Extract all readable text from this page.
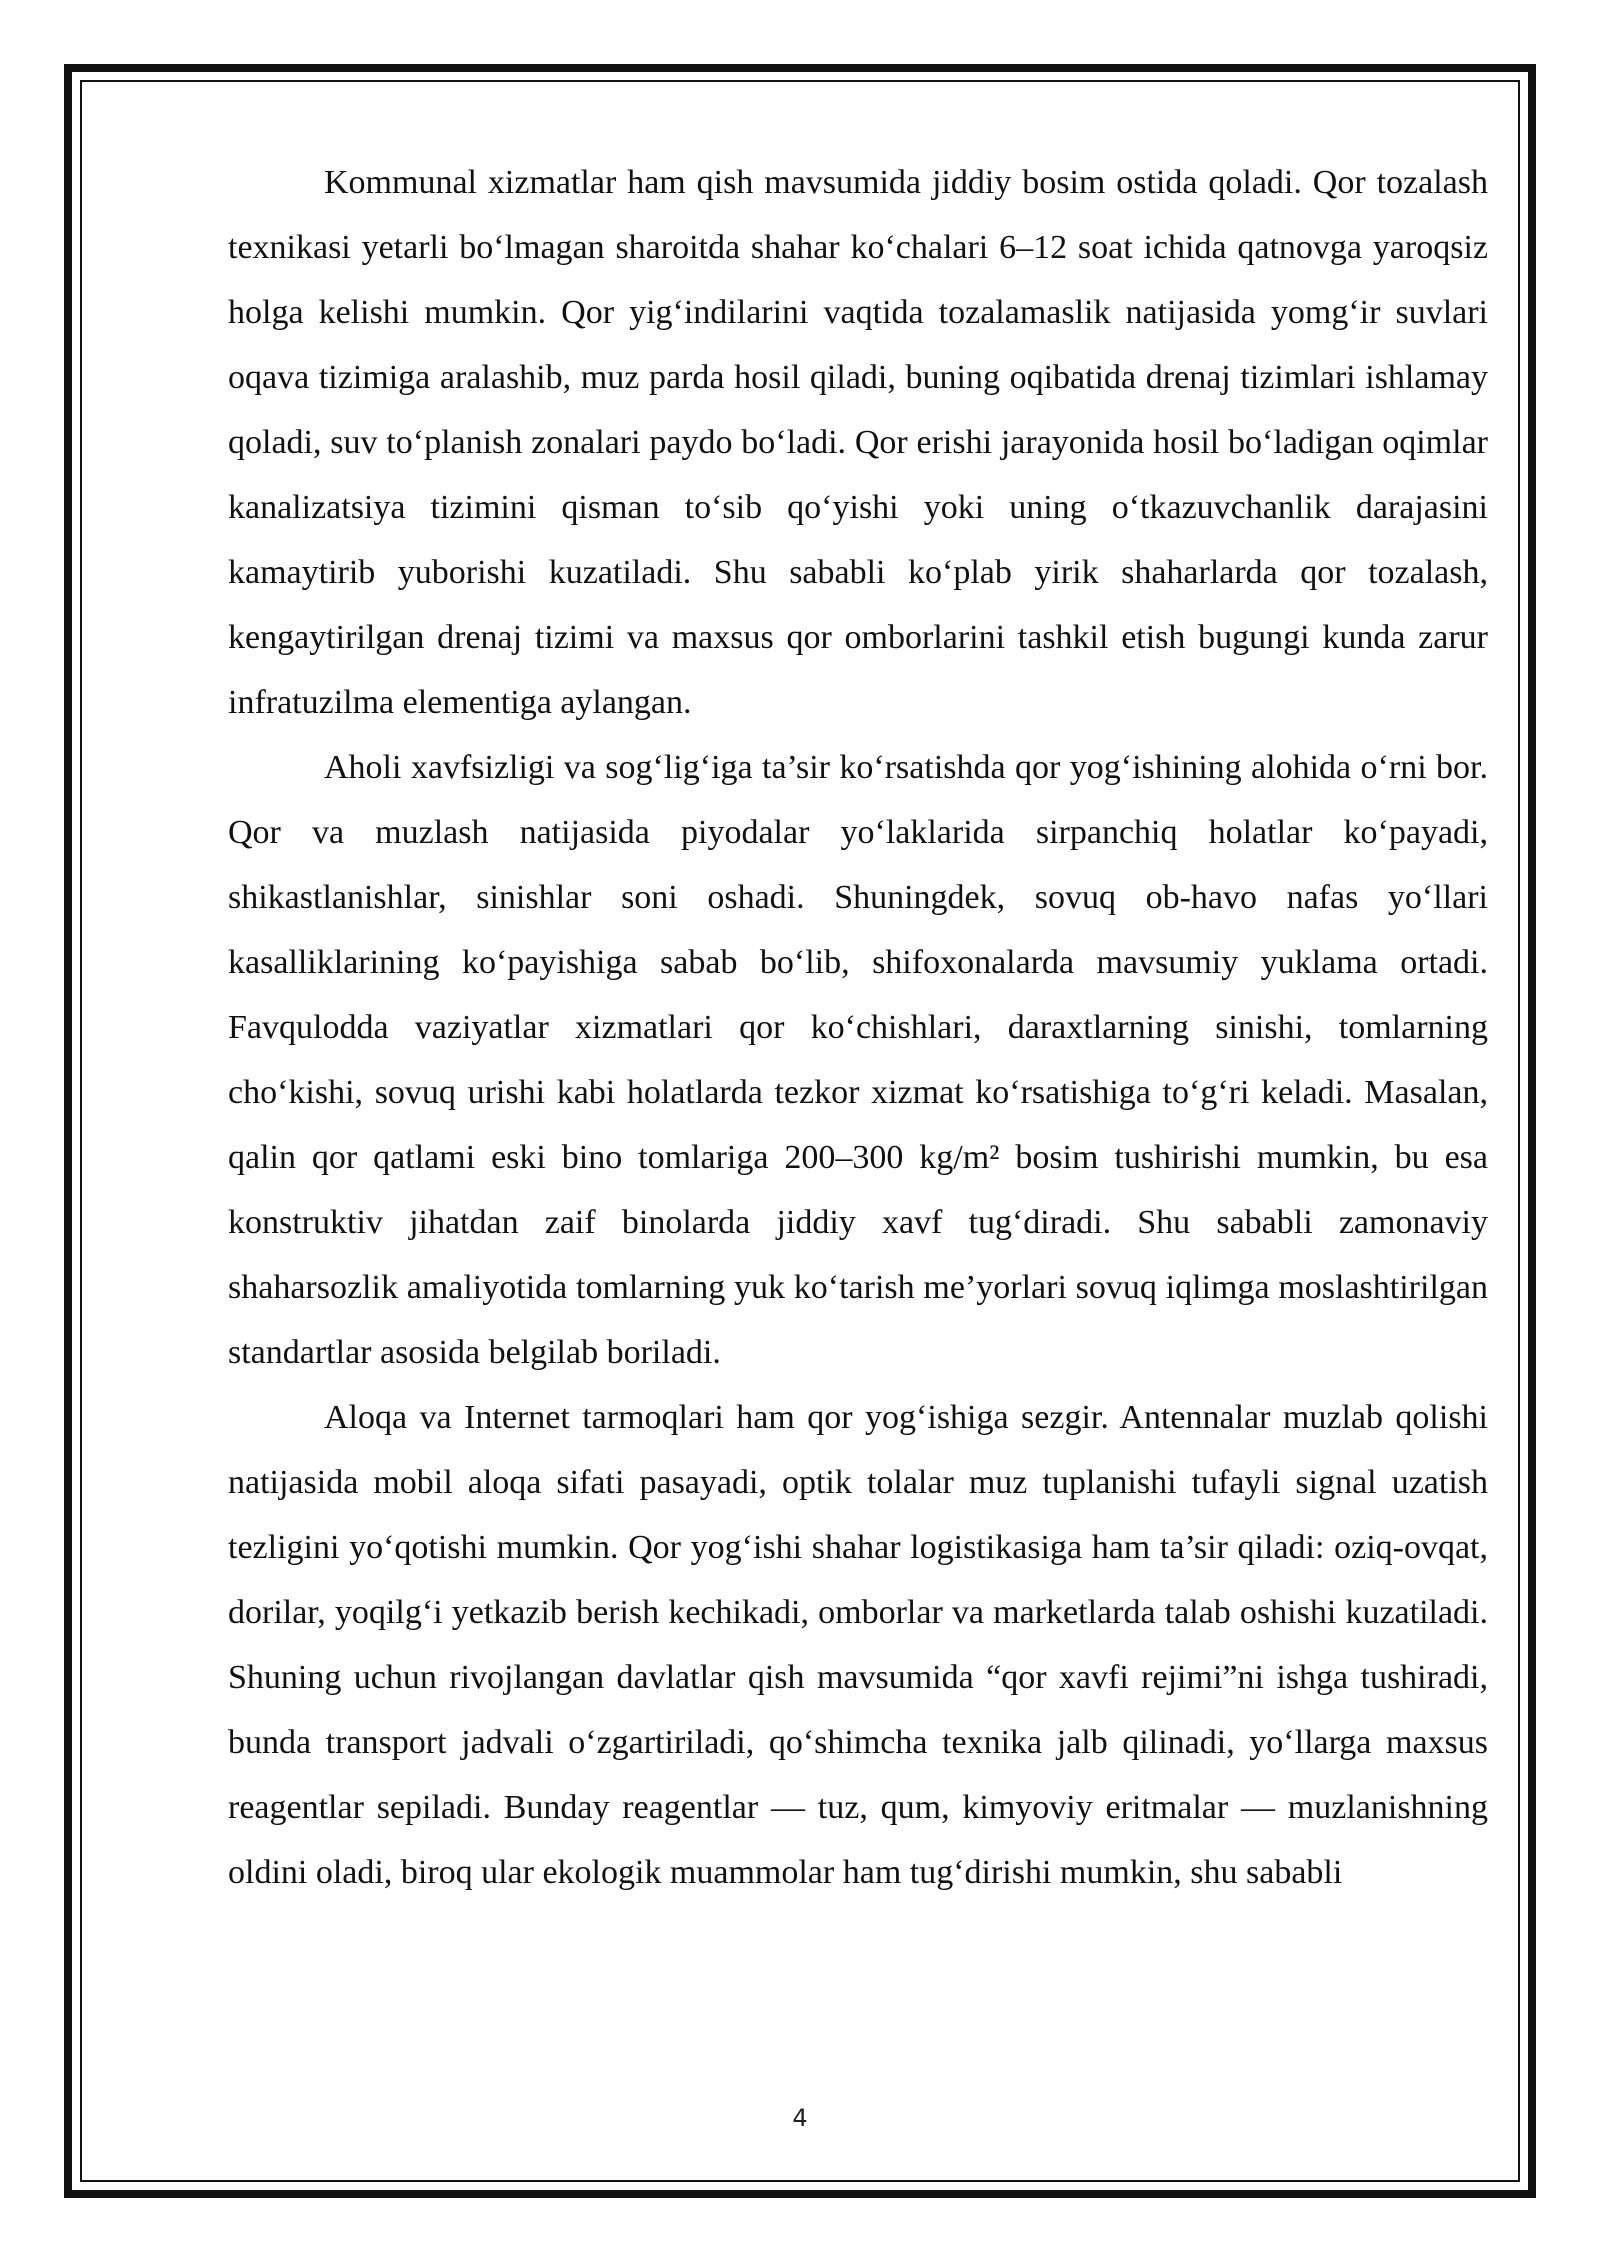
Kommunal xizmatlar ham qish mavsumida jiddiy bosim ostida qoladi. Qor tozalash texnikasi yetarli bo‘lmagan sharoitda shahar ko‘chalari 6–12 soat ichida qatnovga yaroqsiz holga kelishi mumkin. Qor yig‘indilarini vaqtida tozalamaslik natijasida yomg‘ir suvlari oqava tizimiga aralashib, muz parda hosil qiladi, buning oqibatida drenaj tizimlari ishlamay qoladi, suv to‘planish zonalari paydo bo‘ladi. Qor erishi jarayonida hosil bo‘ladigan oqimlar kanalizatsiya tizimini qisman to‘sib qo‘yishi yoki uning o‘tkazuvchanlik darajasini kamaytirib yuborishi kuzatiladi. Shu sababli ko‘plab yirik shaharlarda qor tozalash, kengaytirilgan drenaj tizimi va maxsus qor omborlarini tashkil etish bugungi kunda zarur infratuzilma elementiga aylangan.

Aholi xavfsizligi va sog‘lig‘iga ta’sir ko‘rsatishda qor yog‘ishining alohida o‘rni bor. Qor va muzlash natijasida piyodalar yo‘laklarida sirpanchiq holatlar ko‘payadi, shikastlanishlar, sinishlar soni oshadi. Shuningdek, sovuq ob-havo nafas yo‘llari kasalliklarining ko‘payishiga sabab bo‘lib, shifoxonalarda mavsumiy yuklama ortadi. Favqulodda vaziyatlar xizmatlari qor ko‘chishlari, daraxtlarning sinishi, tomlarning cho‘kishi, sovuq urishi kabi holatlarda tezkor xizmat ko‘rsatishiga to‘g‘ri keladi. Masalan, qalin qor qatlami eski bino tomlariga 200–300 kg/m² bosim tushirishi mumkin, bu esa konstruktiv jihatdan zaif binolarda jiddiy xavf tug‘diradi. Shu sababli zamonaviy shaharsozlik amaliyotida tomlarning yuk ko‘tarish me’yorlari sovuq iqlimga moslashtirilgan standartlar asosida belgilab boriladi.

Aloqa va Internet tarmoqlari ham qor yog‘ishiga sezgir. Antennalar muzlab qolishi natijasida mobil aloqa sifati pasayadi, optik tolalar muz tuplanishi tufayli signal uzatish tezligini yo‘qotishi mumkin. Qor yog‘ishi shahar logistikasiga ham ta’sir qiladi: oziq-ovqat, dorilar, yoqilg‘i yetkazib berish kechikadi, omborlar va marketlarda talab oshishi kuzatiladi. Shuning uchun rivojlangan davlatlar qish mavsumida “qor xavfi rejimi”ni ishga tushiradi, bunda transport jadvali o‘zgartiriladi, qo‘shimcha texnika jalb qilinadi, yo‘llarga maxsus reagentlar sepiladi. Bunday reagentlar — tuz, qum, kimyoviy eritmalar — muzlanishning oldini oladi, biroq ular ekologik muammolar ham tug‘dirishi mumkin, shu sababli

4
